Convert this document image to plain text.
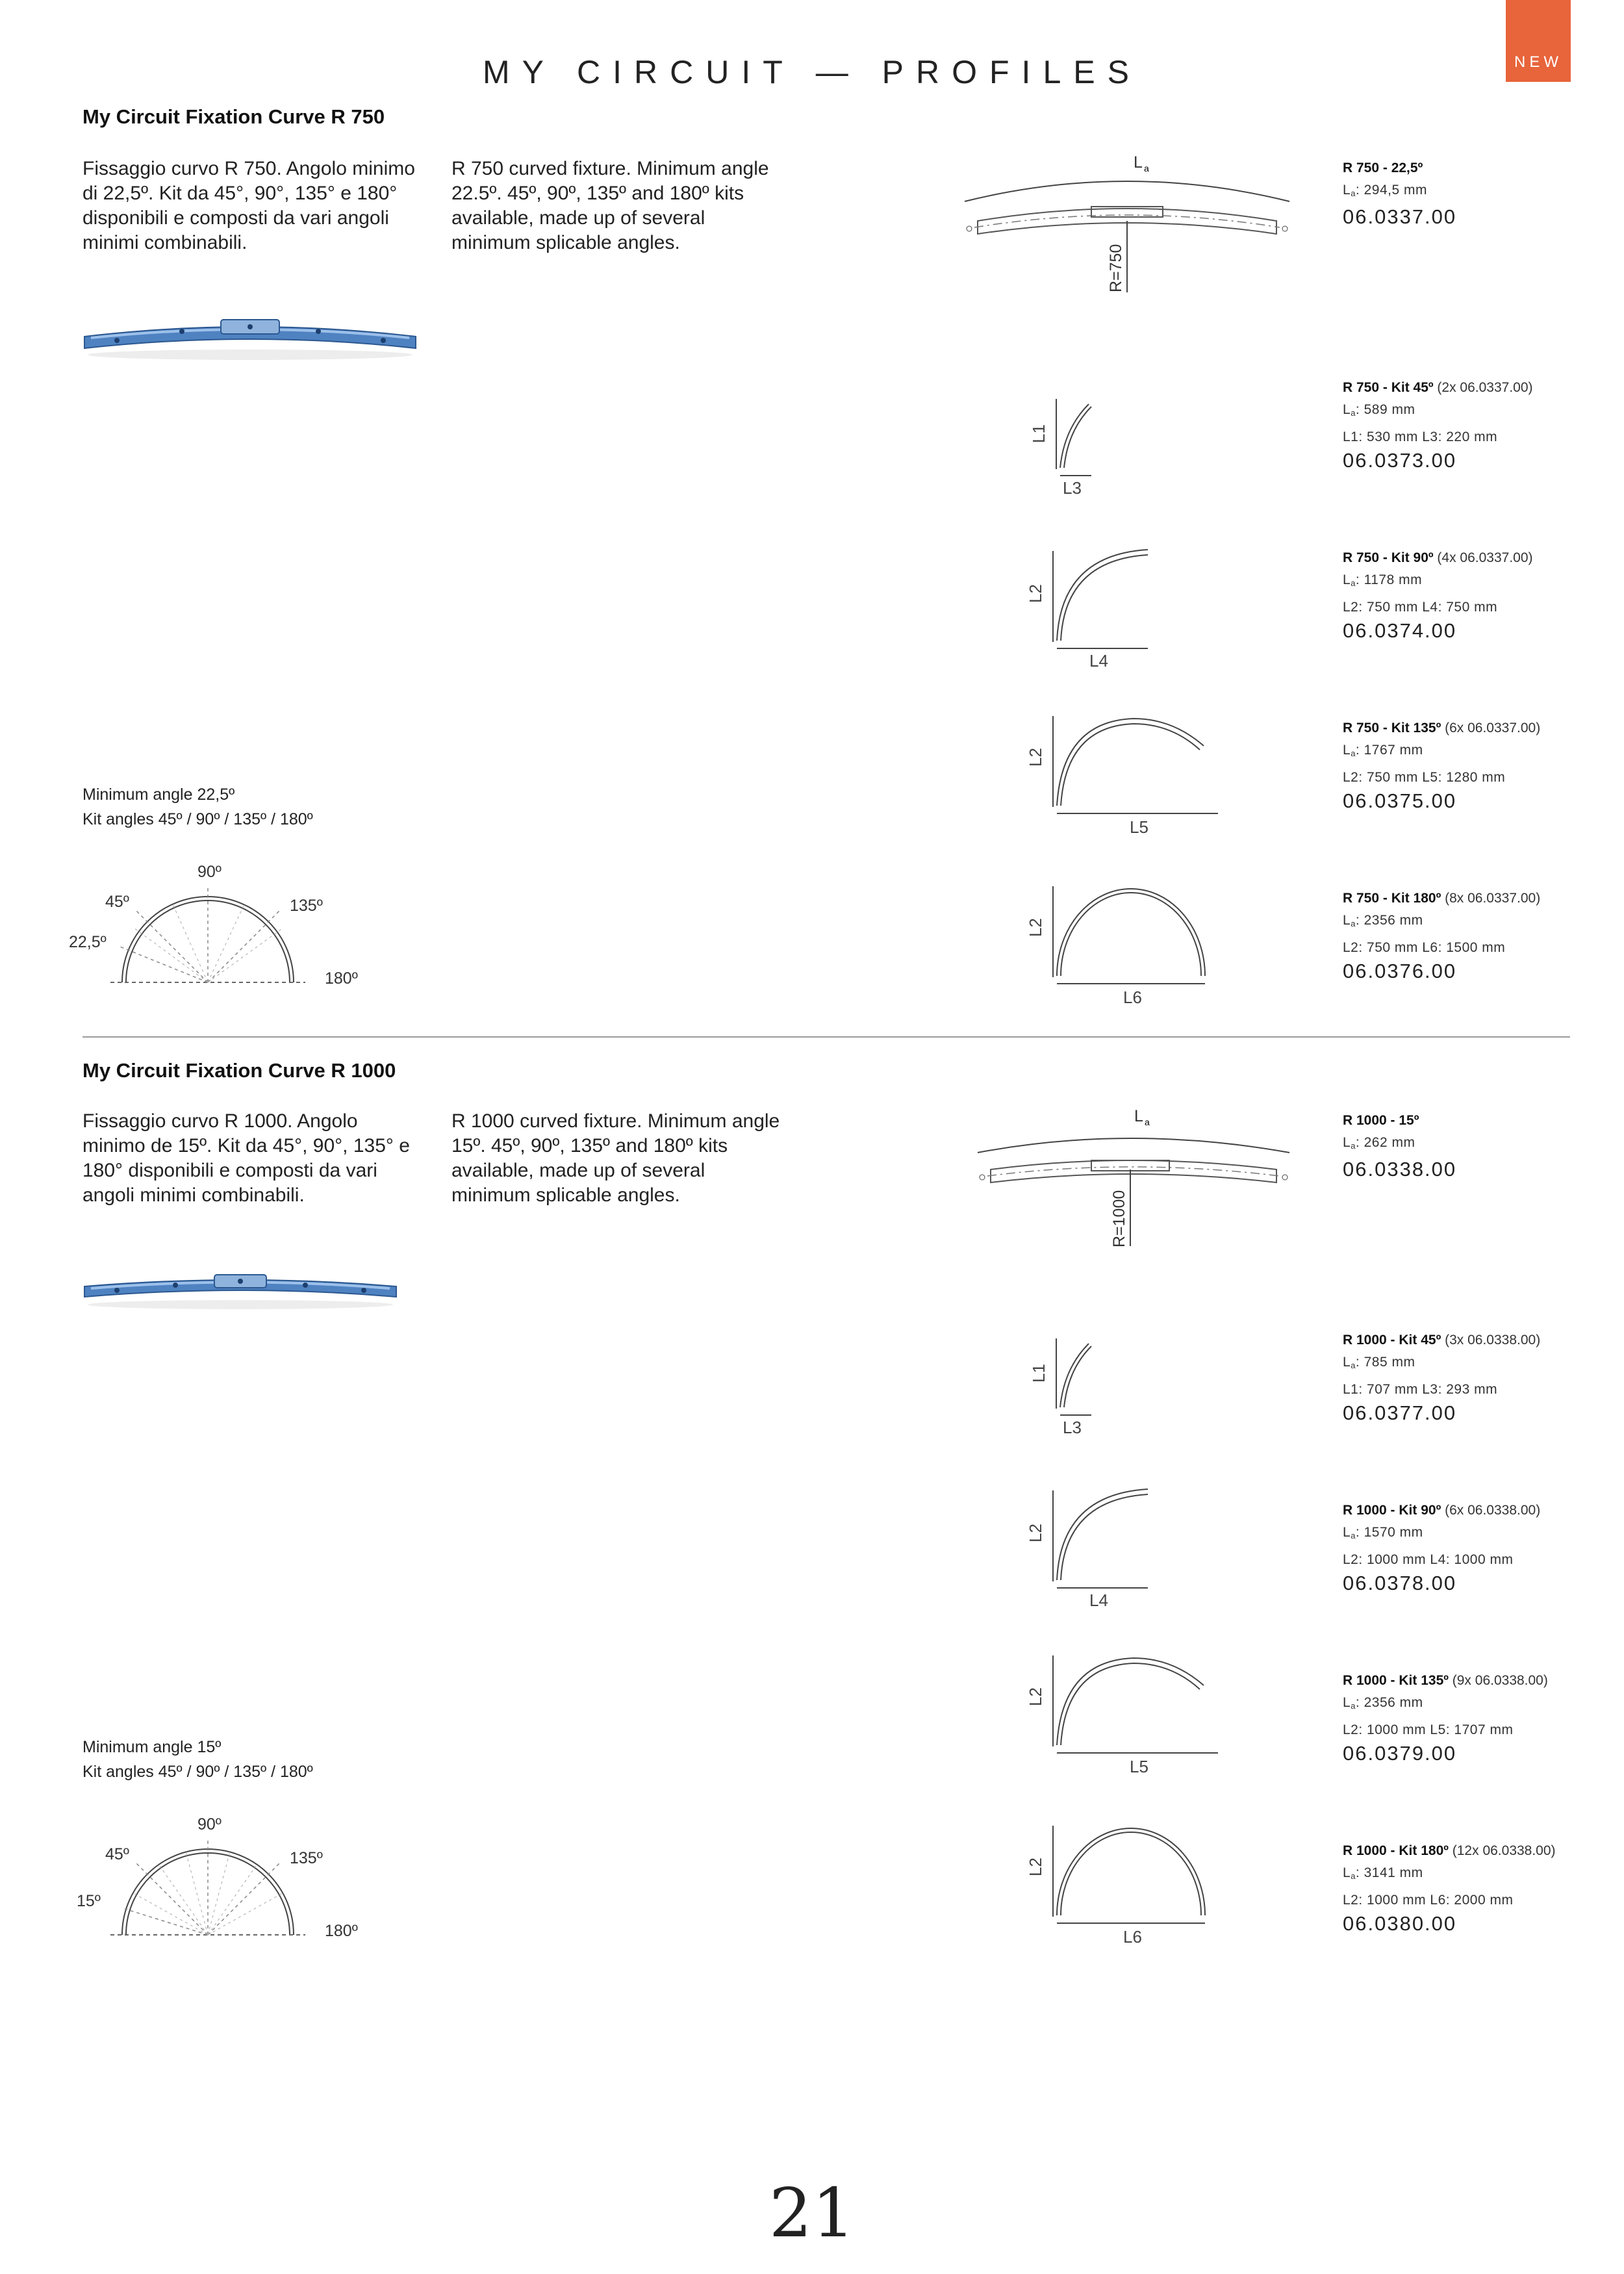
MY CIRCUIT — PROFILES	NEW
My Circuit Fixation Curve R 750
Fissaggio curvo R 750. Angolo minimo di 22,5º. Kit da 45°, 90°, 135° e 180° disponibili e composti da vari angoli minimi combinabili.
R 750 curved fixture. Minimum angle 22.5º. 45º, 90º, 135º and 180º kits available, made up of several minimum splicable angles.
L a
R=750
L1
L3
L2
L4
L2
L5
L2
L6
R 750 - 22,5º
$L_a$: 294,5 mm
06.0337.00
R 750 - Kit 45º (2x 06.0337.00)
$L_a$: 589 mm
L1: 530 mm L3: 220 mm
06.0373.00
R 750 - Kit 90º (4x 06.0337.00)
$L_a$: 1178 mm
L2: 750 mm L4: 750 mm
06.0374.00
R 750 - Kit 135º (6x 06.0337.00)
$L_a$: 1767 mm
L2: 750 mm L5: 1280 mm
06.0375.00
R 750 - Kit 180º (8x 06.0337.00)
$L_a$: 2356 mm
L2: 750 mm L6: 1500 mm
06.0376.00
Minimum angle 22,5º
Kit angles 45º / 90º / 135º / 180º
90º
45º	135º
22,5º
180º
My Circuit Fixation Curve R 1000
Fissaggio curvo R 1000. Angolo minimo de 15º. Kit da 45°, 90°, 135° e 180° disponibili e composti da vari angoli minimi combinabili.
R 1000 curved fixture. Minimum angle 15º. 45º, 90º, 135º and 180º kits available, made up of several minimum splicable angles.
L a
R=1000
L1
L3
L2
L4
L2
L5
L2
L6
R 1000 - 15º
$L_a$: 262 mm
06.0338.00
R 1000 - Kit 45º (3x 06.0338.00)
$L_a$: 785 mm
L1: 707 mm L3: 293 mm
06.0377.00
R 1000 - Kit 90º (6x 06.0338.00)
$L_a$: 1570 mm
L2: 1000 mm L4: 1000 mm
06.0378.00
R 1000 - Kit 135º (9x 06.0338.00)
$L_a$: 2356 mm
L2: 1000 mm L5: 1707 mm
06.0379.00
R 1000 - Kit 180º (12x 06.0338.00)
$L_a$: 3141 mm
L2: 1000 mm L6: 2000 mm
06.0380.00
Minimum angle 15º
Kit angles 45º / 90º / 135º / 180º
90º
45º	135º
15º
180º
21
